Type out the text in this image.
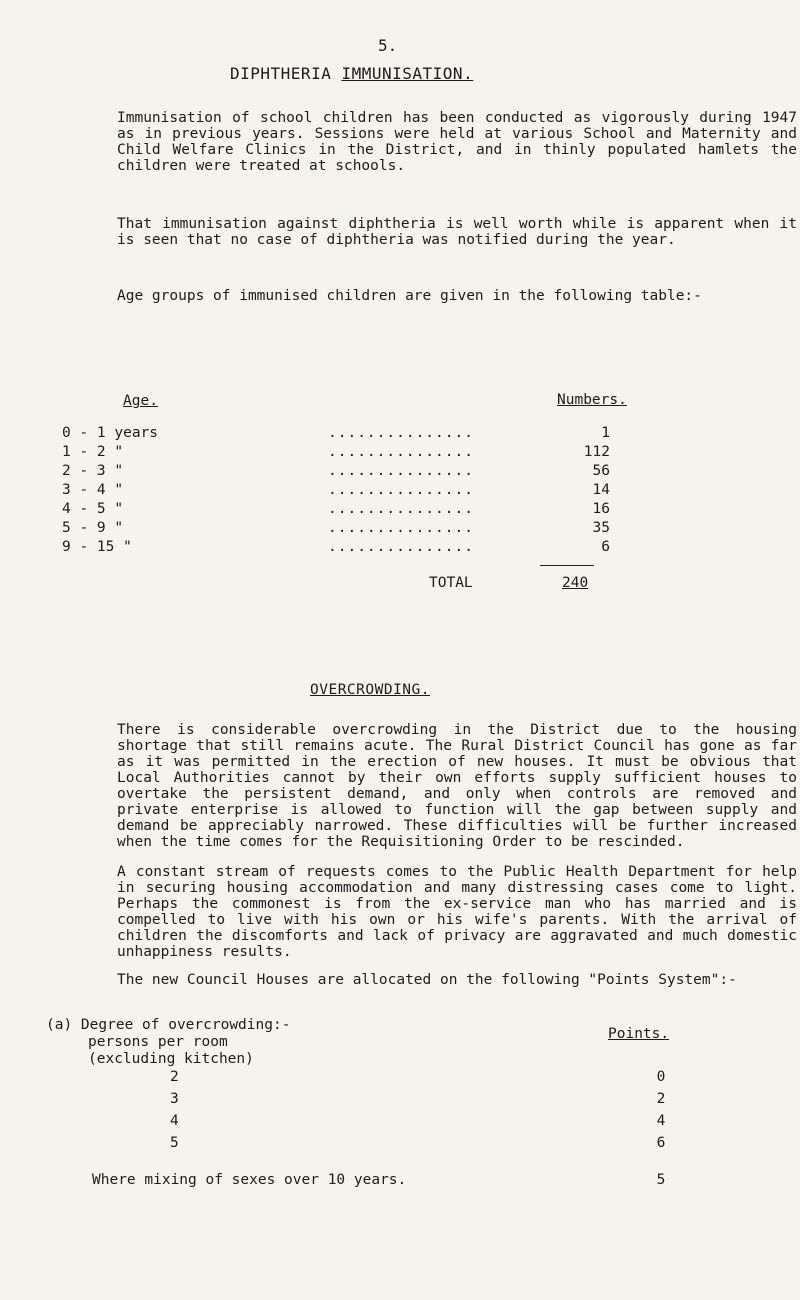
5.
DIPHTHERIA IMMUNISATION.

Immunisation of school children has been conducted as vigorously during 1947 as in previous years. Sessions were held at various School and Maternity and Child Welfare Clinics in the District, and in thinly populated hamlets the children were treated at schools.

That immunisation against diphtheria is well worth while is apparent when it is seen that no case of diphtheria was notified during the year.

Age groups of immunised children are given in the following table:-

Age.	Numbers.
0 - 1 years	...............	1
1 - 2 "	...............	112
2 - 3 "	...............	56
3 - 4 "	...............	14
4 - 5 "	...............	16
5 - 9 "	...............	35
9 - 15 "	...............	6
TOTAL	240
OVERCROWDING.

There is considerable overcrowding in the District due to the housing shortage that still remains acute. The Rural District Council has gone as far as it was permitted in the erection of new houses. It must be obvious that Local Authorities cannot by their own efforts supply sufficient houses to overtake the persistent demand, and only when controls are removed and private enterprise is allowed to function will the gap between supply and demand be appreciably narrowed. These difficulties will be further increased when the time comes for the Requisitioning Order to be rescinded.

A constant stream of requests comes to the Public Health Department for help in securing housing accommodation and many distressing cases come to light. Perhaps the commonest is from the ex-service man who has married and is compelled to live with his own or his wife's parents. With the arrival of children the discomforts and lack of privacy are aggravated and much domestic unhappiness results.

The new Council Houses are allocated on the following "Points System":-

Points.
(a) Degree of overcrowding:-
persons per room
(excluding kitchen)
2	0
3	2
4	4
5	6
Where mixing of sexes over 10 years.	5
